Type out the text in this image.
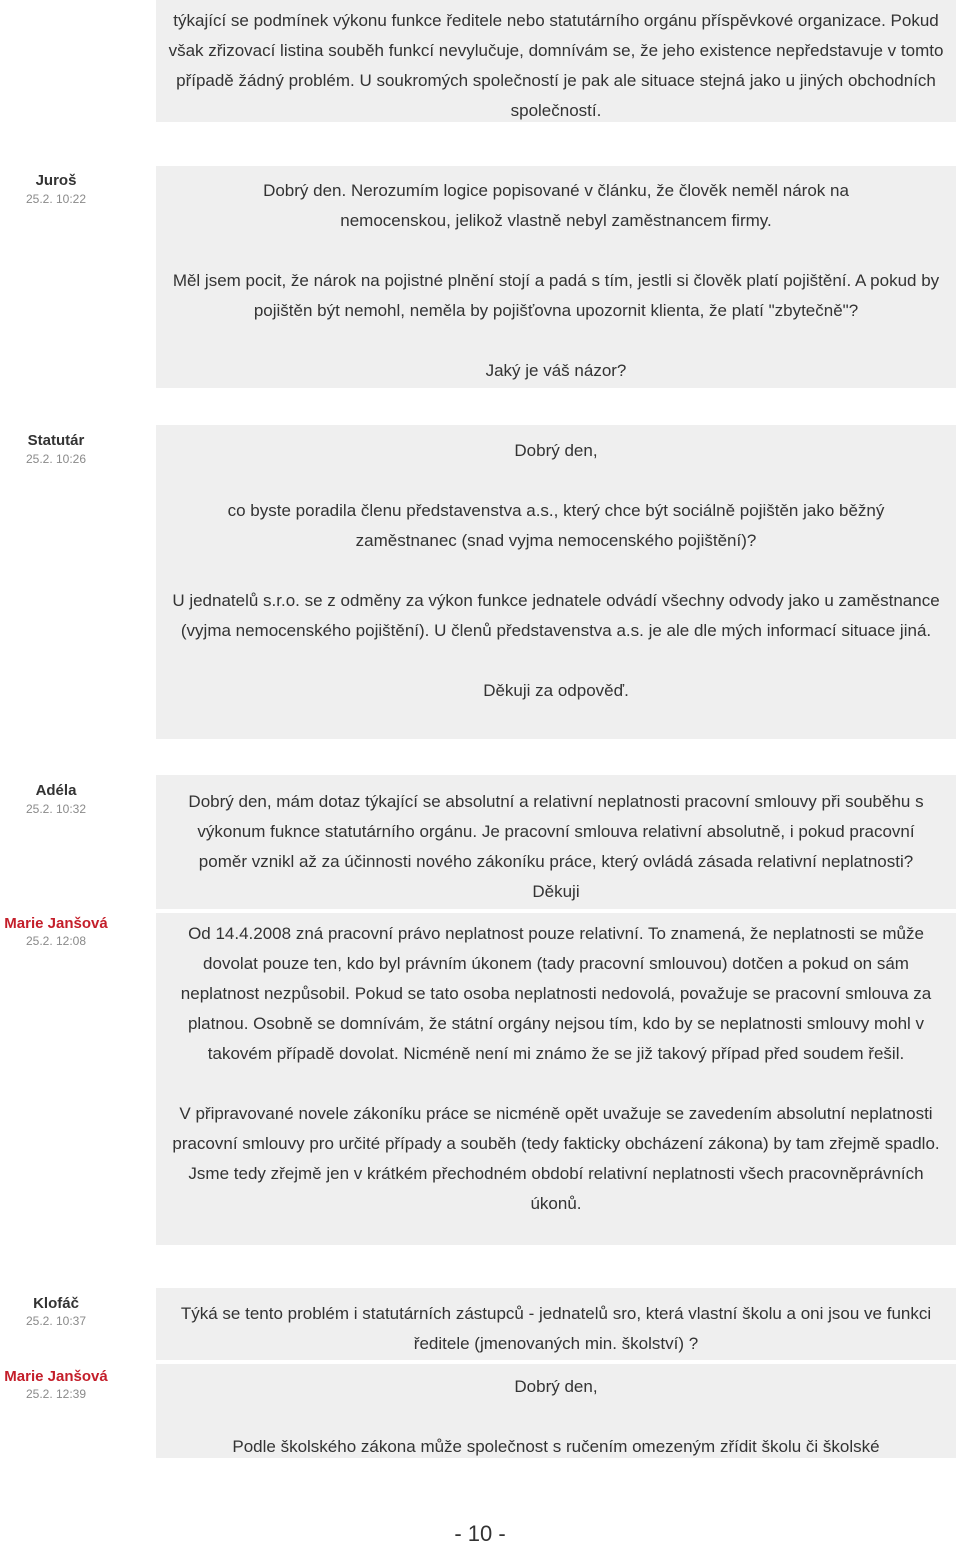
týkající se podmínek výkonu funkce ředitele nebo statutárního orgánu příspěvkové organizace. Pokud však zřizovací listina souběh funkcí nevylučuje, domnívám se, že jeho existence nepředstavuje v tomto případě žádný problém. U soukromých společností je pak ale situace stejná jako u jiných obchodních společností.

Juroš
25.2. 10:22	Dobrý den. Nerozumím logice popisované v článku, že člověk neměl nárok na nemocenskou, jelikož vlastně nebyl zaměstnancem firmy.

Měl jsem pocit, že nárok na pojistné plnění stojí a padá s tím, jestli si člověk platí pojištění. A pokud by pojištěn být nemohl, neměla by pojišťovna upozornit klienta, že platí "zbytečně"?

Jaký je váš názor?

Statutár
25.2. 10:26	Dobrý den,

co byste poradila členu představenstva a.s., který chce být sociálně pojištěn jako běžný zaměstnanec (snad vyjma nemocenského pojištění)?

U jednatelů s.r.o. se z odměny za výkon funkce jednatele odvádí všechny odvody jako u zaměstnance (vyjma nemocenského pojištění). U členů představenstva a.s. je ale dle mých informací situace jiná.

Děkuji za odpověď.

Adéla
25.2. 10:32	Dobrý den, mám dotaz týkající se absolutní a relativní neplatnosti pracovní smlouvy při souběhu s výkonum fuknce statutárního orgánu. Je pracovní smlouva relativní absolutně, i pokud pracovní poměr vznikl až za účinnosti nového zákoníku práce, který ovládá zásada relativní neplatnosti? Děkuji

Marie Janšová
25.2. 12:08	Od 14.4.2008 zná pracovní právo neplatnost pouze relativní. To znamená, že neplatnosti se může dovolat pouze ten, kdo byl právním úkonem (tady pracovní smlouvou) dotčen a pokud on sám neplatnost nezpůsobil. Pokud se tato osoba neplatnosti nedovolá, považuje se pracovní smlouva za platnou. Osobně se domnívám, že státní orgány nejsou tím, kdo by se neplatnosti smlouvy mohl v takovém případě dovolat. Nicméně není mi známo že se již takový případ před soudem řešil.

V připravované novele zákoníku práce se nicméně opět uvažuje se zavedením absolutní neplatnosti pracovní smlouvy pro určité případy a souběh (tedy fakticky obcházení zákona) by tam zřejmě spadlo. Jsme tedy zřejmě jen v krátkém přechodném období relativní neplatnosti všech pracovněprávních úkonů.

Klofáč
25.2. 10:37	Týká se tento problém i statutárních zástupců - jednatelů sro, která vlastní školu a oni jsou ve funkci ředitele (jmenovaných min. školství) ?

Marie Janšová
25.2. 12:39	Dobrý den,

Podle školského zákona může společnost s ručením omezeným zřídit školu či školské

- 10 -
